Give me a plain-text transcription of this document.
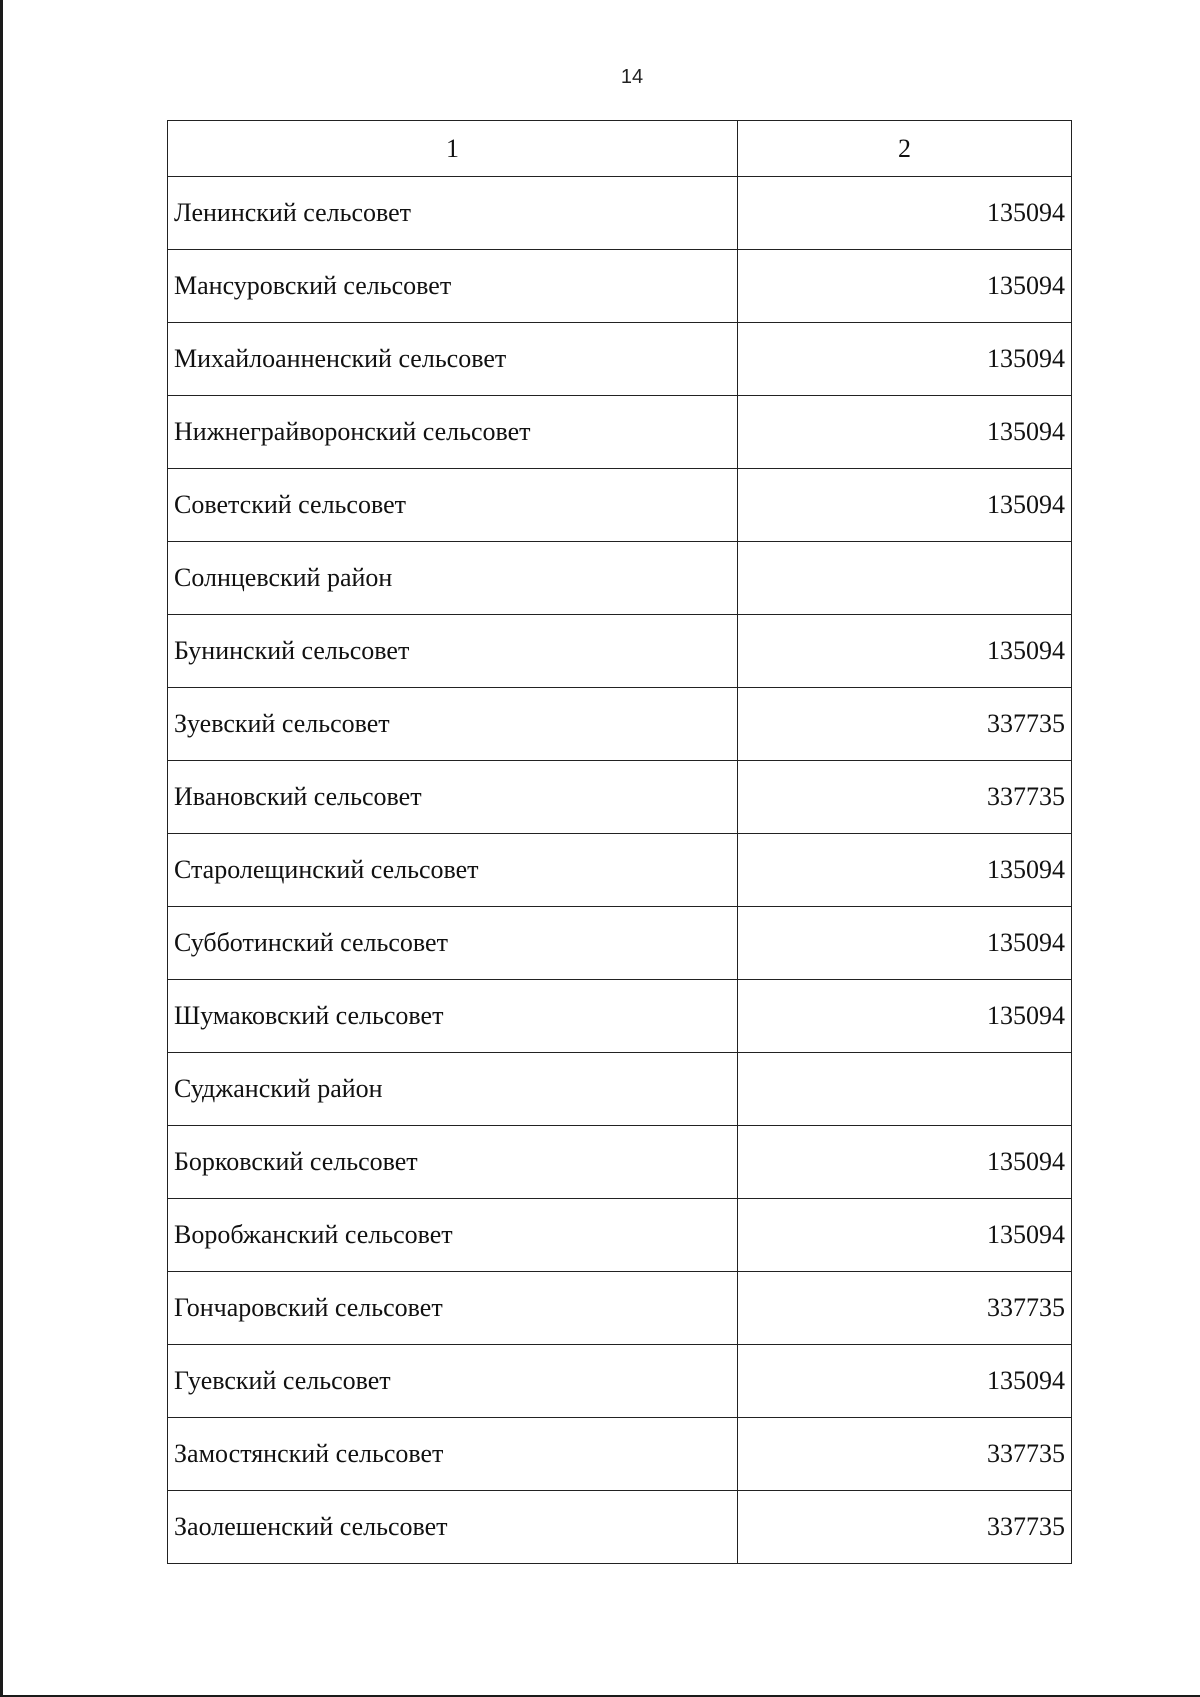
14
1	2
Ленинский сельсовет	135094
Мансуровский сельсовет	135094
Михайлоанненский сельсовет	135094
Нижнеграйворонский сельсовет	135094
Советский сельсовет	135094
Солнцевский район	
Бунинский сельсовет	135094
Зуевский сельсовет	337735
Ивановский сельсовет	337735
Старолещинский сельсовет	135094
Субботинский сельсовет	135094
Шумаковский сельсовет	135094
Суджанский район	
Борковский сельсовет	135094
Воробжанский сельсовет	135094
Гончаровский сельсовет	337735
Гуевский сельсовет	135094
Замостянский сельсовет	337735
Заолешенский сельсовет	337735
